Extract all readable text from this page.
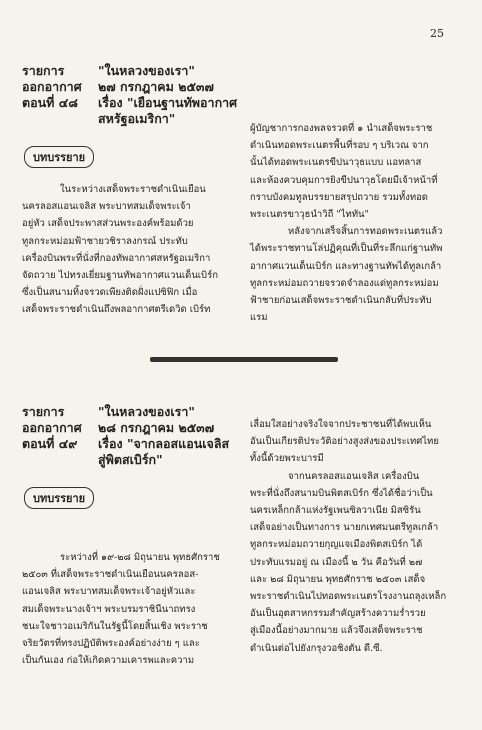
25
รายการ	"ในหลวงของเรา"
ออกอากาศ	๒๗ กรกฎาคม ๒๕๓๗
ตอนที่ ๔๘	เรื่อง "เยือนฐานทัพอากาศ
สหรัฐอเมริกา"
บทบรรยาย

ในระหว่างเสด็จพระราชดำเนินเยือน

นครลอสแอนเจลิส พระบาทสมเด็จพระเจ้า

อยู่หัว เสด็จประพาสส่วนพระองค์พร้อมด้วย

ทูลกระหม่อมฟ้าชายวชิราลงกรณ์ ประทับ

เครื่องบินพระที่นั่งที่กองทัพอากาศสหรัฐอเมริกา

จัดถวาย ไปทรงเยี่ยมฐานทัพอากาศแวนเด็นเบิร์ก

ซึ่งเป็นสนามทิ้งจรวดเพียงติดฝั่งแปซิฟิก เมื่อ

เสด็จพระราชดำเนินถึงพลอากาศตรีเดวิด เบิร์ท

ผู้บัญชาการกองพลจรวดที่ ๑ นำเสด็จพระราช

ดำเนินทอดพระเนตรพื้นที่รอบ ๆ บริเวณ จาก

นั้นได้ทอดพระเนตรขีปนาวุธแบบ แอทลาส

และห้องควบคุมการยิงขีปนาวุธโดยมีเจ้าหน้าที่

กราบบังคมทูลบรรยายสรุปถวาย รวมทั้งทอด

พระเนตรขาวุธนำวิถี "ไททัน"

หลังจากเสร็จสิ้นการทอดพระเนตรแล้ว

ได้พระราชทานโล่ปฏิคุณที่เป็นที่ระลึกแก่ฐานทัพ

อากาศแวนเด็นเบิร์ก และทางฐานทัพได้ทูลเกล้า

ทูลกระหม่อมถวายจรวดจำลองแด่ทูลกระหม่อม

ฟ้าชายก่อนเสด็จพระราชดำเนินกลับที่ประทับ

แรม

รายการ	"ในหลวงของเรา"
ออกอากาศ	๒๘ กรกฎาคม ๒๕๓๗
ตอนที่ ๔๙	เรื่อง "จากลอสแอนเจลิส
สู่พิตสเบิร์ก"
บทบรรยาย

ระหว่างที่ ๑๙-๒๘ มิถุนายน พุทธศักราช

๒๕๐๓ ที่เสด็จพระราชดำเนินเยือนนครลอส-

แอนเจลิส พระบาทสมเด็จพระเจ้าอยู่หัวและ

สมเด็จพระนางเจ้าฯ พระบรมราชินีนาถทรง

ชนะใจชาวอเมริกันในรัฐนี้โดยสิ้นเชิง พระราช

จริยวัตรที่ทรงปฏิบัติพระองค์อย่างง่าย ๆ และ

เป็นกันเอง ก่อให้เกิดความเคารพและความ

เลื่อมใสอย่างจริงใจจากประชาชนที่ได้พบเห็น

อันเป็นเกียรติประวัติอย่างสูงส่งของประเทศไทย

ทั้งนี้ด้วยพระบารมี

จากนครลอสแอนเจลิส เครื่องบิน

พระที่นั่งถึงสนามบินพิตสเบิร์ก ซึ่งได้ชื่อว่าเป็น

นครเหล็กกล้าแห่งรัฐเพนซิลวาเนีย มิสซิรัน

เสด็จอย่างเป็นทางการ นายกเทศมนตรีทูลเกล้า

ทูลกระหม่อมถวายกุญแจเมืองพิตสเบิร์ก ได้

ประทับแรมอยู่ ณ เมืองนี้ ๒ วัน คือวันที่ ๒๗

และ ๒๘ มิถุนายน พุทธศักราช ๒๕๐๓ เสด็จ

พระราชดำเนินไปทอดพระเนตรโรงงานถลุงเหล็ก

อันเป็นอุตสาหกรรมสำคัญสร้างความร่ำรวย

สู่เมืองนี้อย่างมากมาย แล้วจึงเสด็จพระราช

ดำเนินต่อไปยังกรุงวอชิงตัน ดี.ซี.
